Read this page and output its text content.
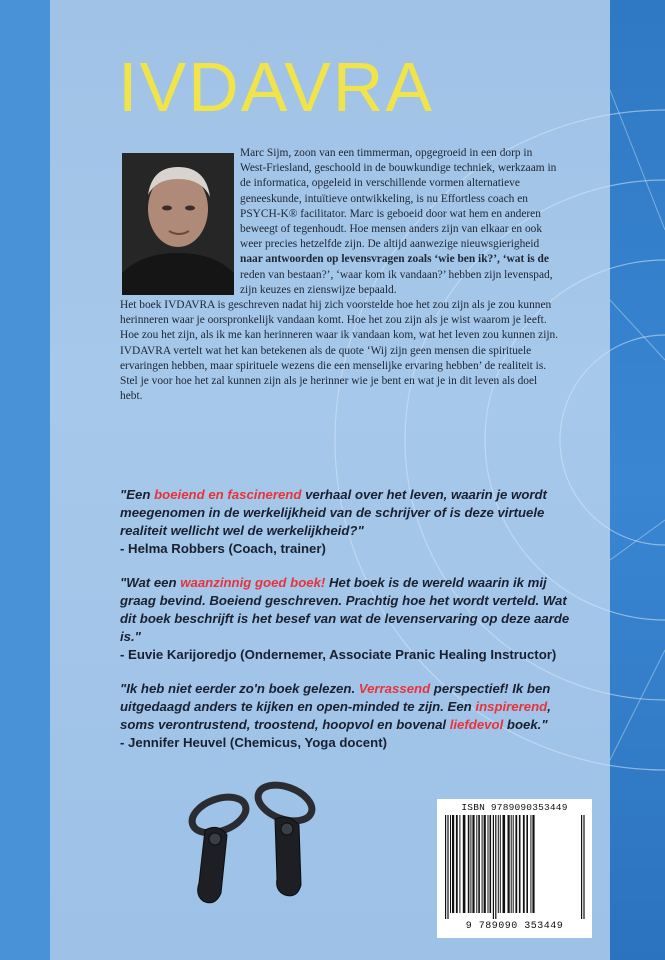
IVDAVRA

Marc Sijm, zoon van een timmerman, opgegroeid in een dorp in West-Friesland, geschoold in de bouwkundige techniek, werkzaam in de informatica, opgeleid in verschillende vormen alternatieve geneeskunde, intuïtieve ontwikkeling, is nu Effortless coach en PSYCH-K® facilitator. Marc is geboeid door wat hem en anderen beweegt of tegenhoudt. Hoe mensen anders zijn van elkaar en ook weer precies hetzelfde zijn. De altijd aanwezige nieuwsgierigheid naar antwoorden op levensvragen zoals ‘wie ben ik?’, ‘wat is de reden van bestaan?’, ‘waar kom ik vandaan?’ hebben zijn levenspad, zijn keuzes en zienswijze bepaald.

Het boek IVDAVRA is geschreven nadat hij zich voorstelde hoe het zou zijn als je zou kunnen herinneren waar je oorspronkelijk vandaan komt. Hoe het zou zijn als je wist waarom je leeft. Hoe zou het zijn, als ik me kan herinneren waar ik vandaan kom, wat het leven zou kunnen zijn.

IVDAVRA vertelt wat het kan betekenen als de quote ‘Wij zijn geen mensen die spirituele ervaringen hebben, maar spirituele wezens die een menselijke ervaring hebben’ de realiteit is. Stel je voor hoe het zal kunnen zijn als je herinner wie je bent en wat je in dit leven als doel hebt.

"Een boeiend en fascinerend verhaal over het leven, waarin je wordt meegenomen in de werkelijkheid van de schrijver of is deze virtuele realiteit wellicht wel de werkelijkheid?"
- Helma Robbers (Coach, trainer)
"Wat een waanzinnig goed boek! Het boek is de wereld waarin ik mij graag bevind. Boeiend geschreven. Prachtig hoe het wordt verteld. Wat dit boek beschrijft is het besef van wat de levenservaring op deze aarde is."
- Euvie Karijoredjo (Ondernemer, Associate Pranic Healing Instructor)
"Ik heb niet eerder zo'n boek gelezen. Verrassend perspectief! Ik ben uitgedaagd anders te kijken en open-minded te zijn. Een inspirerend, soms verontrustend, troostend, hoopvol en bovenal liefdevol boek."
- Jennifer Heuvel (Chemicus, Yoga docent)
ISBN 9789090353449
9 789090 353449
